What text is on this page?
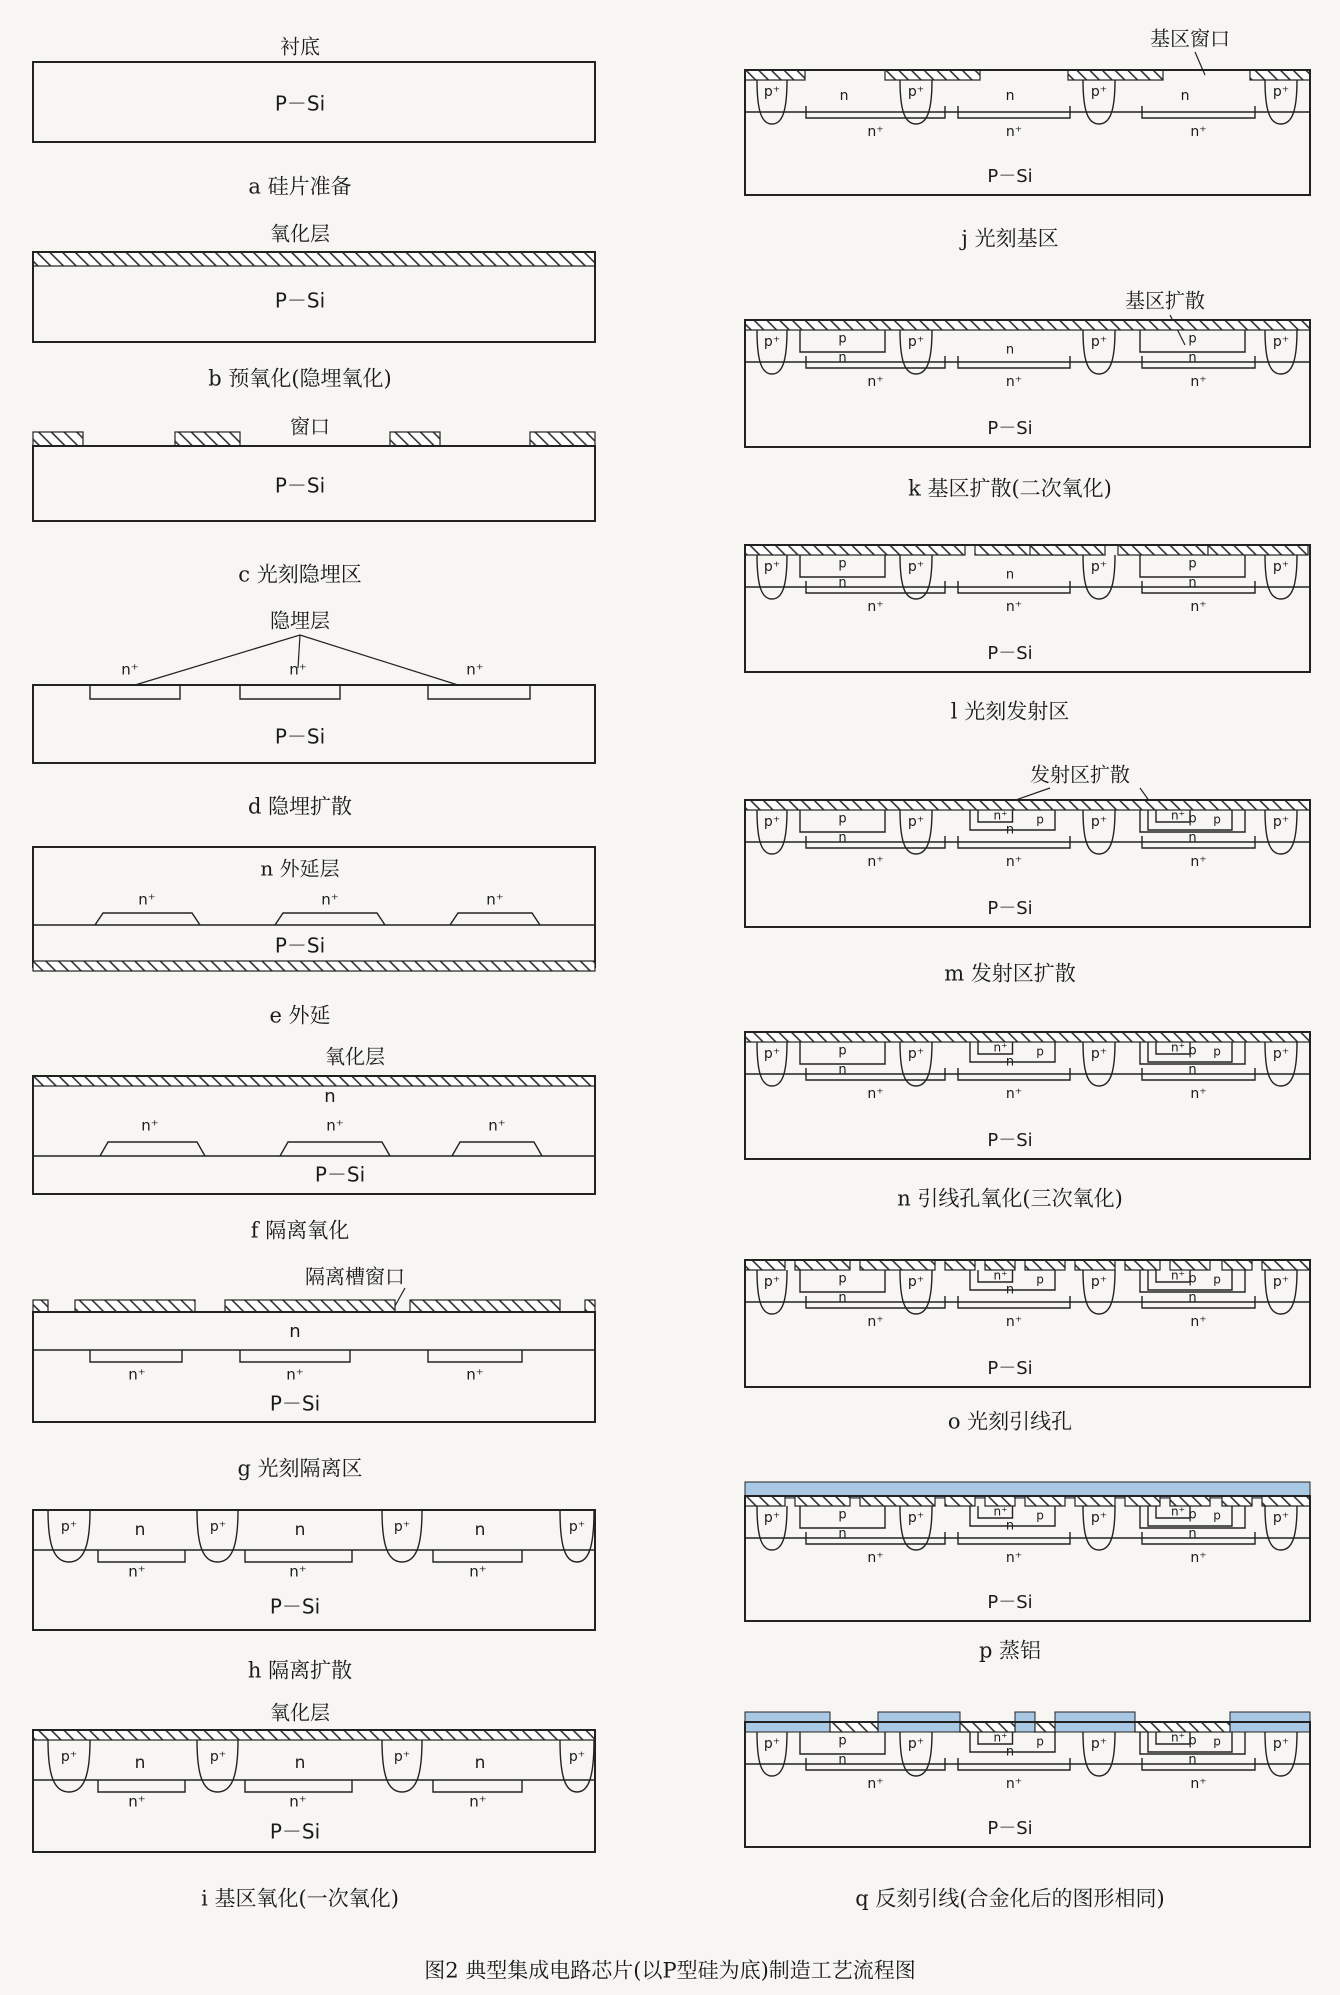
衬底
P－Si
a 硅片准备
氧化层
P－Si
b 预氧化(隐埋氧化)
窗口
P－Si
c 光刻隐埋区
隐埋层
n⁺	n⁺	n⁺
P－Si
d 隐埋扩散
n 外延层
n⁺	n⁺	n⁺
P－Si
e 外延
氧化层
n
n⁺	n⁺	n⁺
P－Si
f 隔离氧化
隔离槽窗口
n
n⁺	n⁺	n⁺
P－Si
g 光刻隔离区
p⁺	p⁺	p⁺	p⁺
n	n	n
n⁺	n⁺	n⁺
P－Si
h 隔离扩散
氧化层
p⁺	p⁺	p⁺	p⁺
n	n	n
n⁺	n⁺	n⁺
P－Si
i 基区氧化(一次氧化)
基区窗口
p⁺	p⁺	p⁺	p⁺
n⁺	n⁺	n⁺
P－Si
n	n	n
j 光刻基区
基区扩散
p⁺	p⁺	p⁺	p⁺
n⁺	n⁺	n⁺
P－Si
p
n
p
n
n
k 基区扩散(二次氧化)
p⁺	p⁺	p⁺	p⁺
n⁺	n⁺	n⁺
P－Si
p
n
p
n
n
l 光刻发射区
发射区扩散
p⁺	p⁺	p⁺	p⁺
n⁺	n⁺	n⁺
P－Si
p
n
p
n
n
n⁺ p	n⁺ p
m 发射区扩散
p⁺	p⁺	p⁺	p⁺
n⁺	n⁺	n⁺
P－Si
p
n
p
n
n
n⁺ p	n⁺ p
n 引线孔氧化(三次氧化)
p⁺	p⁺	p⁺	p⁺
n⁺	n⁺	n⁺
P－Si
p
n
p
n
n
n⁺ p	n⁺ p
o 光刻引线孔
p⁺	p⁺	p⁺	p⁺
n⁺	n⁺	n⁺
P－Si
p
n
p
n
n
n⁺ p	n⁺ p
p 蒸铝
p⁺	p⁺	p⁺	p⁺
n⁺	n⁺	n⁺
P－Si
p
n
p
n
n
n⁺ p	n⁺ p
q 反刻引线(合金化后的图形相同)
图2 典型集成电路芯片(以P型硅为底)制造工艺流程图
